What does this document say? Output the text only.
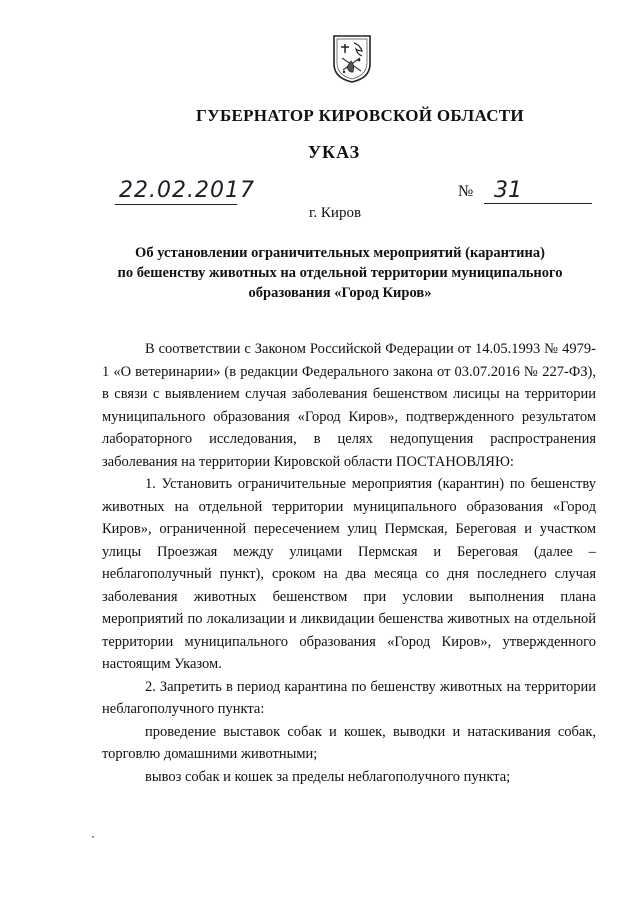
ГУБЕРНАТОР КИРОВСКОЙ ОБЛАСТИ
УКАЗ
22.02.2017	№ 31
г. Киров
Об установлении ограничительных мероприятий (карантина)
по бешенству животных на отдельной территории муниципального
образования «Город Киров»

В соответствии с Законом Российской Федерации от 14.05.1993 № 4979-1 «О ветеринарии» (в редакции Федерального закона от 03.07.2016 № 227-ФЗ), в связи с выявлением случая заболевания бешенством лисицы на территории муниципального образования «Город Киров», подтвержденного результатом лабораторного исследования, в целях недопущения распространения заболевания на территории Кировской области ПОСТАНОВЛЯЮ:

1. Установить ограничительные мероприятия (карантин) по бешенству животных на отдельной территории муниципального образования «Город Киров», ограниченной пересечением улиц Пермская, Береговая и участком улицы Проезжая между улицами Пермская и Береговая (далее – неблагополучный пункт), сроком на два месяца со дня последнего случая заболевания животных бешенством при условии выполнения плана мероприятий по локализации и ликвидации бешенства животных на отдельной территории муниципального образования «Город Киров», утвержденного настоящим Указом.

2. Запретить в период карантина по бешенству животных на территории неблагополучного пункта:

проведение выставок собак и кошек, выводки и натаскивания собак, торговлю домашними животными;

вывоз собак и кошек за пределы неблагополучного пункта;
